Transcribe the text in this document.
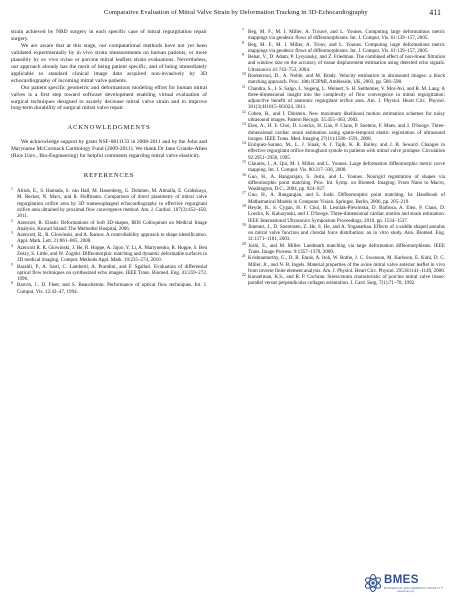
Comparative Evaluation of Mitral Valve Strain by Deformation Tracking in 3D-Echocardiography	411

strain achieved by NRD surgery in each specific case of mitral regurgitation repair surgery.

We are aware that at this stage, our computational methods have not yet been validated experimentally by in vivo strain measurements on human patients, or more plausibly by ex vivo ovine or porcine mitral leaflets strain evaluations. Nevertheless, our approach already has the merit of being patient specific, and of being immediately applicable to standard clinical image data acquired non-invasively by 3D echocardiography of incoming mitral valve patients.

Our patient specific geometric and deformations modeling effort for human mitral valves is a first step toward software development enabling virtual evaluation of surgical techniques designed to acutely decrease mitral valve strain and to improve long-term durability of surgical mitral valve repair.

ACKNOWLEDGMENTS

We acknowledge support by grant NSF-0811133 in 2008-2011 and by the John and Maryname McCormack Cardiology Fund (2009-2011). We thank Dr Jane Grande-Allen (Rice Univ., Bio-Engineering) for helpful comments regarding mitral valve elasticity.

REFERENCES
1 Altiok, E., S. Hamada, S. van Hall, M. Hanenberg, G. Dohmen, M. Almalla, E. Grabskaya, M. Becker, N. Marx, and R. Hoffmann. Comparison of direct planimetry of mitral valve regurgitation orifice area by 3D transesophageal echocardiography to effective regurgitant orifice area obtained by proximal flow convergence method. Am. J. Cardiol. 107(3):452–458, 2011.
2 Azencott, R. Elastic Deformations of Soft 3D-shapes, IBIS Colloquium on Medical Image Analysis. Kuwait Island: The Methodist Hospital, 2006.
3 Azencott, R., R. Glowinski, and A. Ramos. A controllability approach to shape identification. Appl. Math. Lett. 21:861–865, 2008.
4 Azencott R. R. Glowinski, J. He, R. Hoppe, A. Jajoo, Y. Li, A. Martynenko, R. Hoppe, S. Ben Zekry, S. Little, and W. Zoghbi. Diffeomorphic matching and dynamic deformable surfaces in 3D medical imaging. Comput. Methods Appl. Math. 10:235–274, 2010.
5 Baraldi, P., A. Sarti, C. Lamberti, A. Prandini, and F. Sgallari. Evaluation of differential optical flow techniques on synthesized echo images. IEEE Trans. Biomed. Eng. 43:259–272, 1996.
6 Barron, J., D. Fleet, and S. Beauchemin. Performance of optical flow techniques. Int. J. Comput. Vis. 12:43–47, 1994.
7 Beg, M. F., M. I. Miller, A. Trouvé, and L. Younes. Computing large deformations metric mappings via geodesic flows of diffeomorphisms. Int. J. Comput. Vis. 61:139–157, 2005.
8 Beg, M. F., M. I. Miller, A. Trouv, and L. Younes. Computing large deformations metric mappings via geodesic flows of diffeomorphisms. Int. J. Comput. Vis. 61:139–157, 2005.
9 Behar, V., D. Adam, P. Lysyansky, and Z. Friedman. The combined effect of non-linear filtration and window size on the accuracy of tissue displacement estimation using detected echo signals. Ultrasonics 41:743–753, 2004.
10 Boukerroui, D., A. Noble, and M. Brady. Velocity estimation in ultrasound images: a block matching approach. Proc. 18th ICIPMI, Ambleside, UK, 2003, pp. 586–598.
11 Chandra, S., I. S. Salgo, L. Sugeng, L. Weinert, S. H. Settlemier, V. Mor-Avi, and R. M. Lang. A three-dimensional insight into the complexity of flow convergence in mitral regurgitation: adjunctive benefit of anatomic regurgitant orifice area. Am. J. Physiol. Heart Circ. Physiol. 301(3):H1015–H1024, 2011.
12 Cohen, B., and I. Dinstein. New maximum likelihood motion estimation schemes for noisy ultrasound images. Pattern Recogn. 35:455–463, 2002.
13 Elen, A., H. F. Choi, D. Loeckx, H. Gao, P. Claus, P. Suetens, F. Maes, and J. D'hooge. Three-dimensional cardiac strain estimation using spatio-temporal elastic registration of ultrasound images. IEEE Trans. Med. Imaging 27(11):1580–1591, 2008.
14 Enriquez-Sarano, M., L. J. Sinak, A. J. Tajik, K. R. Bailey, and J. B. Seward. Changes in effective regurgitant orifice throughout systole in patients with mitral valve prolapse. Circulation 92:2951–2958, 1995.
15 Glaunès, J., A. Qiu, M. I. Miller, and L. Younes. Large deformation diffeomorphic metric curve mapping. Int. J. Comput. Vis. 80:317–336, 2008.
16 Guo, H., A. Rangarajan, S. Joshi, and L. Younes. Nonrigid registration of shapes via diffeomorphic point matching. Proc. Int. Symp. on Biomed. Imaging: From Nano to Macro, Washington, D.C., 2004, pp. 924–927.
17 Guo, H., A. Rangarajan, and S. Joshi. Diffeomorphic point matching. In: Handbook of Mathematical Models in Computer Vision. Springer, Berlin, 2006, pp. 205–219.
18 Heyde, B., S. Cygan, H. F. Choi, B. Lesniak-Plewinska, D. Barbosa, A. Elen, P. Claus, D. Loeckx, K. Kaluzynski, and J. D'hooge. Three-dimensional cardiac motion and strain estimation. IEEE International Ultrasonics Symposium Proceedings, 2010, pp. 1534–1537.
19 Jimenez, J., D. Soerensen, Z. He, S. He, and A. Yoganathan. Effects of a saddle shaped annulus on mitral valve function and chordal force distribution: an in vitro study. Ann. Biomed. Eng. 31:1171–1181, 2003.
20 Joshi, S., and M. Miller. Landmark matching via large deformation diffeomorphisms. IEEE Trans. Image Process. 9:1357–1370, 2000.
21 Krishnamurthy, G., D. B. Ennis, A. Itoh, W. Bothe, J. C. Swanson, M. Karlsson, E. Kuhl, D. C. Miller, Jr., and N. B. Ingels. Material properties of the ovine mitral valve anterior leaflet in vivo from inverse finite element analysis. Am. J. Physiol. Heart Circ. Physiol. 295:H1141–1149, 2008.
22 Kunzelman, K.S., and R. P. Cochran. Stress/strain characteristic of porcine mitral valve tissue: parallel versus perpendicular collagen orientation. J. Card. Surg. 7(1):71–78, 1992.
BMES
BIOMEDICAL ENGINEERING SOCIETY™
www.bmes.org
